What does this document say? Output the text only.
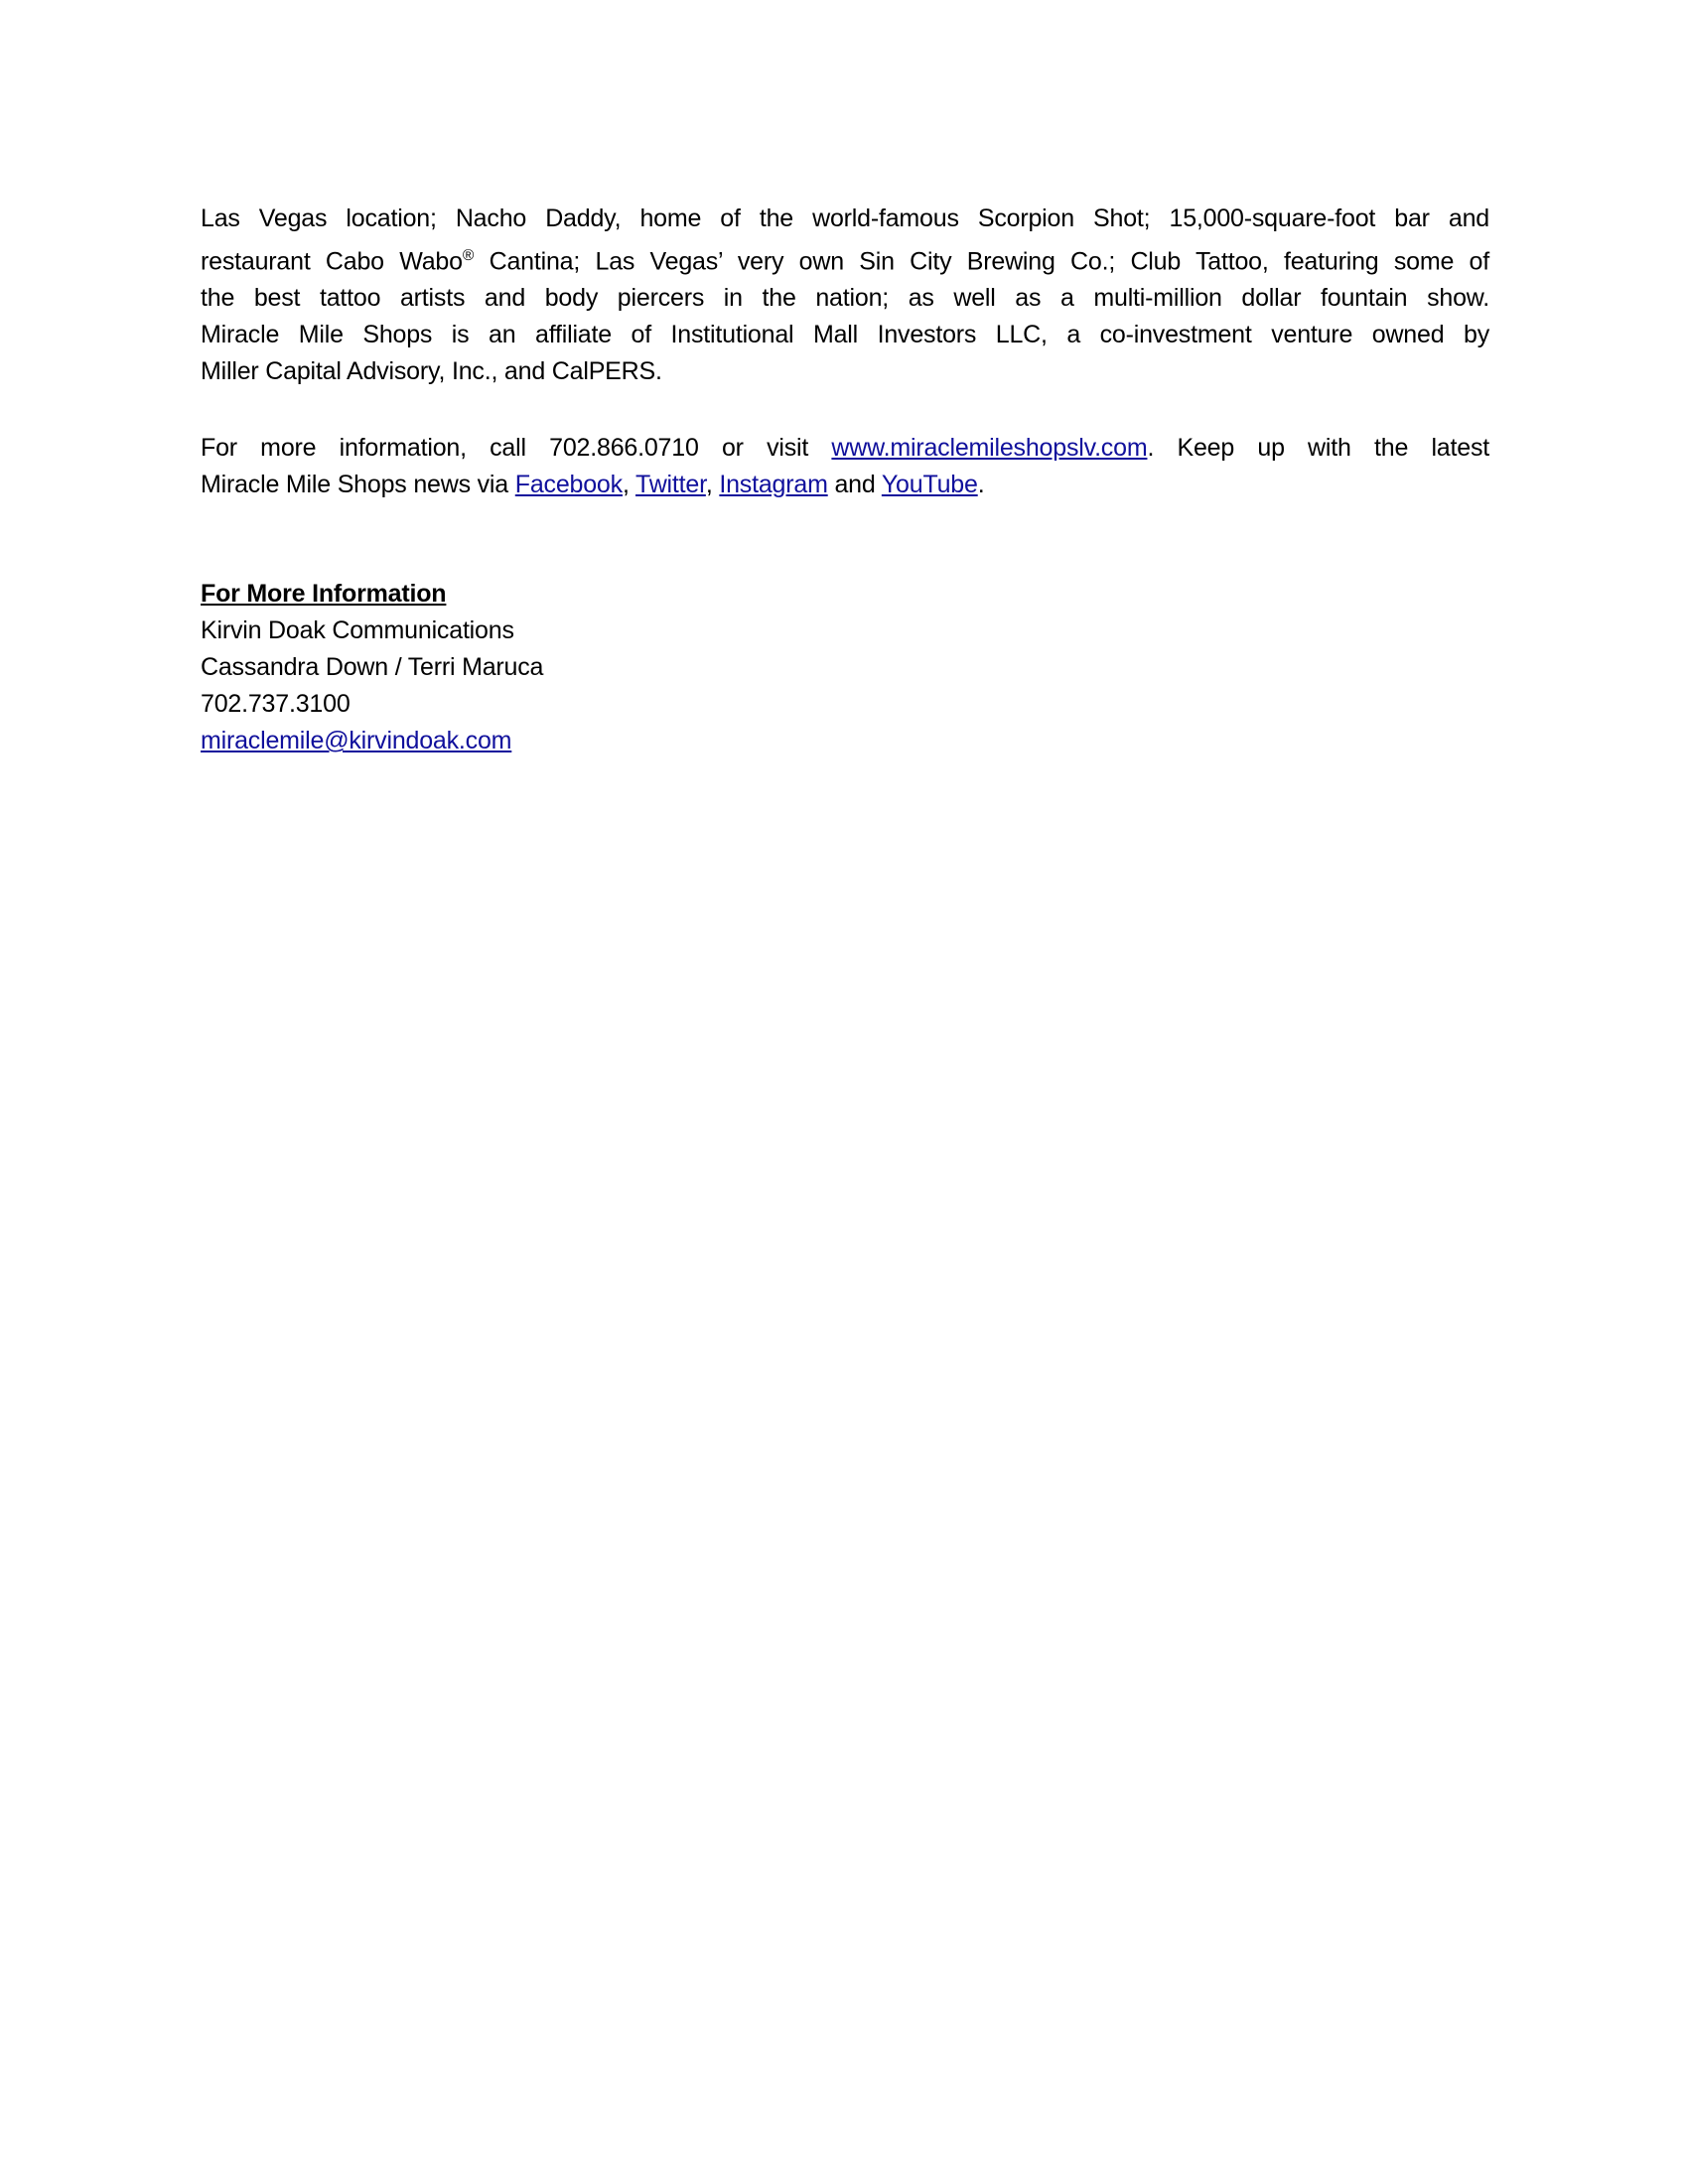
Las Vegas location; Nacho Daddy, home of the world-famous Scorpion Shot; 15,000-square-foot bar and
restaurant Cabo Wabo® Cantina; Las Vegas’ very own Sin City Brewing Co.; Club Tattoo, featuring some of
the best tattoo artists and body piercers in the nation; as well as a multi-million dollar fountain show.
Miracle Mile Shops is an affiliate of Institutional Mall Investors LLC, a co-investment venture owned by
Miller Capital Advisory, Inc., and CalPERS.
For more information, call 702.866.0710 or visit www.miraclemileshopslv.com. Keep up with the latest
Miracle Mile Shops news via Facebook, Twitter, Instagram and YouTube.
For More Information
Kirvin Doak Communications
Cassandra Down / Terri Maruca
702.737.3100
miraclemile@kirvindoak.com
